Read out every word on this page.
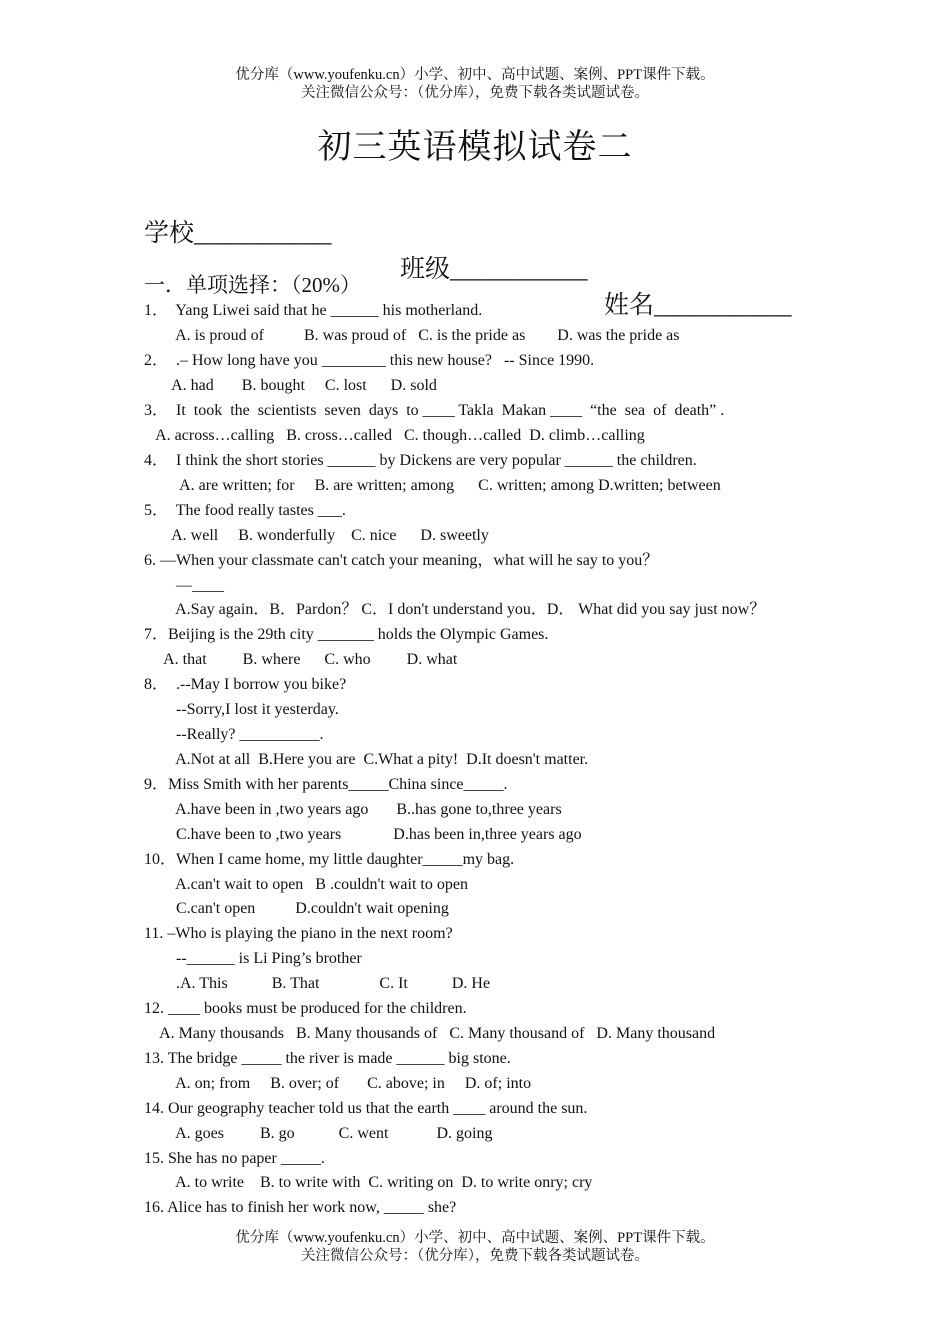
优分库（www.youfenku.cn）小学、初中、高中试题、案例、PPT课件下载。
关注微信公众号：（优分库），免费下载各类试题试卷。
初三英语模拟试卷二

学校___________

班级___________

姓名___________

一．单项选择：（20%）
1．  Yang Liwei said that he ______ his motherland.
A. is proud of          B. was proud of   C. is the pride as        D. was the pride as
2．  .– How long have you ________ this new house?   -- Since 1990.
A. had       B. bought     C. lost      D. sold
3．  It  took  the  scientists  seven  days  to ____ Takla  Makan ____  “the  sea  of  death” .
A. across…calling   B. cross…called   C. though…called  D. climb…calling
4．  I think the short stories ______ by Dickens are very popular ______ the children.
A. are written; for     B. are written; among      C. written; among D.written; between
5．  The food really tastes ___.
A. well     B. wonderfully    C. nice      D. sweetly
6. —When your classmate can't catch your meaning，what will he say to you？
—____
A.Say again．B．Pardon？ C．I don't understand you．D． What did you say just now？
7．Beijing is the 29th city _______ holds the Olympic Games.
A. that         B. where      C. who         D. what
8．  .--May I borrow you bike?
--Sorry,I lost it yesterday.
--Really? __________.
A.Not at all  B.Here you are  C.What a pity!  D.It doesn't matter.
9．Miss Smith with her parents_____China since_____.
A.have been in ,two years ago       B..has gone to,three years
C.have been to ,two years             D.has been in,three years ago
10．When I came home, my little daughter_____my bag.
A.can't wait to open   B .couldn't wait to open
C.can't open          D.couldn't wait opening
11. –Who is playing the piano in the next room?
--______ is Li Ping’s brother
.A. This           B. That               C. It           D. He
12. ____ books must be produced for the children.
A. Many thousands   B. Many thousands of   C. Many thousand of   D. Many thousand
13. The bridge _____ the river is made ______ big stone.
A. on; from     B. over; of       C. above; in     D. of; into
14. Our geography teacher told us that the earth ____ around the sun.
A. goes         B. go           C. went            D. going
15. She has no paper _____.
A. to write    B. to write with  C. writing on  D. to write onry; cry
16. Alice has to finish her work now, _____ she?
优分库（www.youfenku.cn）小学、初中、高中试题、案例、PPT课件下载。
关注微信公众号：（优分库），免费下载各类试题试卷。
